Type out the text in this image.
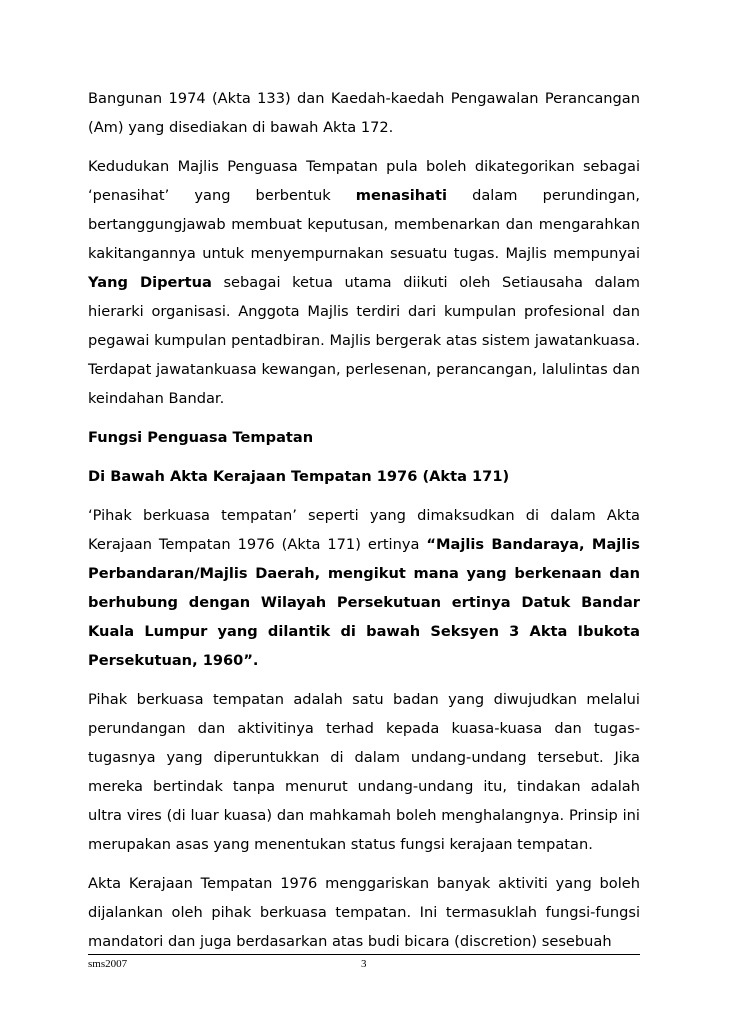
Bangunan 1974 (Akta 133) dan Kaedah-kaedah Pengawalan Perancangan (Am) yang disediakan di bawah Akta 172.

Kedudukan Majlis Penguasa Tempatan pula boleh dikategorikan sebagai ‘penasihat’ yang berbentuk menasihati dalam perundingan, bertanggungjawab membuat keputusan, membenarkan dan mengarahkan kakitangannya untuk menyempurnakan sesuatu tugas. Majlis mempunyai Yang Dipertua sebagai ketua utama diikuti oleh Setiausaha dalam hierarki organisasi. Anggota Majlis terdiri dari kumpulan profesional dan pegawai kumpulan pentadbiran. Majlis bergerak atas sistem jawatankuasa. Terdapat jawatankuasa kewangan, perlesenan, perancangan, lalulintas dan keindahan Bandar.

Fungsi Penguasa Tempatan

Di Bawah Akta Kerajaan Tempatan 1976 (Akta 171)

‘Pihak berkuasa tempatan’ seperti yang dimaksudkan di dalam Akta Kerajaan Tempatan 1976 (Akta 171) ertinya “Majlis Bandaraya, Majlis Perbandaran/Majlis Daerah, mengikut mana yang berkenaan dan berhubung dengan Wilayah Persekutuan ertinya Datuk Bandar Kuala Lumpur yang dilantik di bawah Seksyen 3 Akta Ibukota Persekutuan, 1960”.

Pihak berkuasa tempatan adalah satu badan yang diwujudkan melalui perundangan dan aktivitinya terhad kepada kuasa-kuasa dan tugas-tugasnya yang diperuntukkan di dalam undang-undang tersebut. Jika mereka bertindak tanpa menurut undang-undang itu, tindakan adalah ultra vires (di luar kuasa) dan mahkamah boleh menghalangnya. Prinsip ini merupakan asas yang menentukan status fungsi kerajaan tempatan.

Akta Kerajaan Tempatan 1976 menggariskan banyak aktiviti yang boleh dijalankan oleh pihak berkuasa tempatan. Ini termasuklah fungsi-fungsi mandatori dan juga berdasarkan atas budi bicara (discretion) sesebuah

sms2007	3
